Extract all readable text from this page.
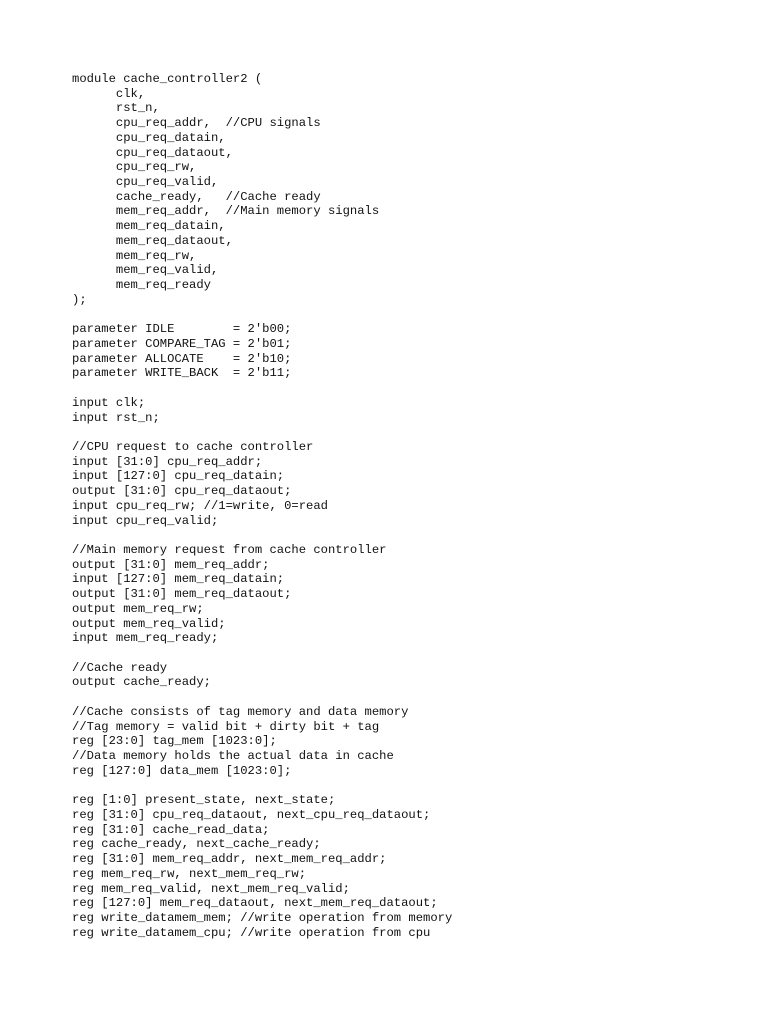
module cache_controller2 (
clk,
rst_n,
cpu_req_addr,  //CPU signals
cpu_req_datain,
cpu_req_dataout,
cpu_req_rw,
cpu_req_valid,
cache_ready,   //Cache ready
mem_req_addr,  //Main memory signals
mem_req_datain,
mem_req_dataout,
mem_req_rw,
mem_req_valid,
mem_req_ready
);
parameter IDLE        = 2'b00;
parameter COMPARE_TAG = 2'b01;
parameter ALLOCATE    = 2'b10;
parameter WRITE_BACK  = 2'b11;
input clk;
input rst_n;
//CPU request to cache controller
input [31:0] cpu_req_addr;
input [127:0] cpu_req_datain;
output [31:0] cpu_req_dataout;
input cpu_req_rw; //1=write, 0=read
input cpu_req_valid;
//Main memory request from cache controller
output [31:0] mem_req_addr;
input [127:0] mem_req_datain;
output [31:0] mem_req_dataout;
output mem_req_rw;
output mem_req_valid;
input mem_req_ready;
//Cache ready
output cache_ready;
//Cache consists of tag memory and data memory
//Tag memory = valid bit + dirty bit + tag
reg [23:0] tag_mem [1023:0];
//Data memory holds the actual data in cache
reg [127:0] data_mem [1023:0];
reg [1:0] present_state, next_state;
reg [31:0] cpu_req_dataout, next_cpu_req_dataout;
reg [31:0] cache_read_data;
reg cache_ready, next_cache_ready;
reg [31:0] mem_req_addr, next_mem_req_addr;
reg mem_req_rw, next_mem_req_rw;
reg mem_req_valid, next_mem_req_valid;
reg [127:0] mem_req_dataout, next_mem_req_dataout;
reg write_datamem_mem; //write operation from memory
reg write_datamem_cpu; //write operation from cpu
